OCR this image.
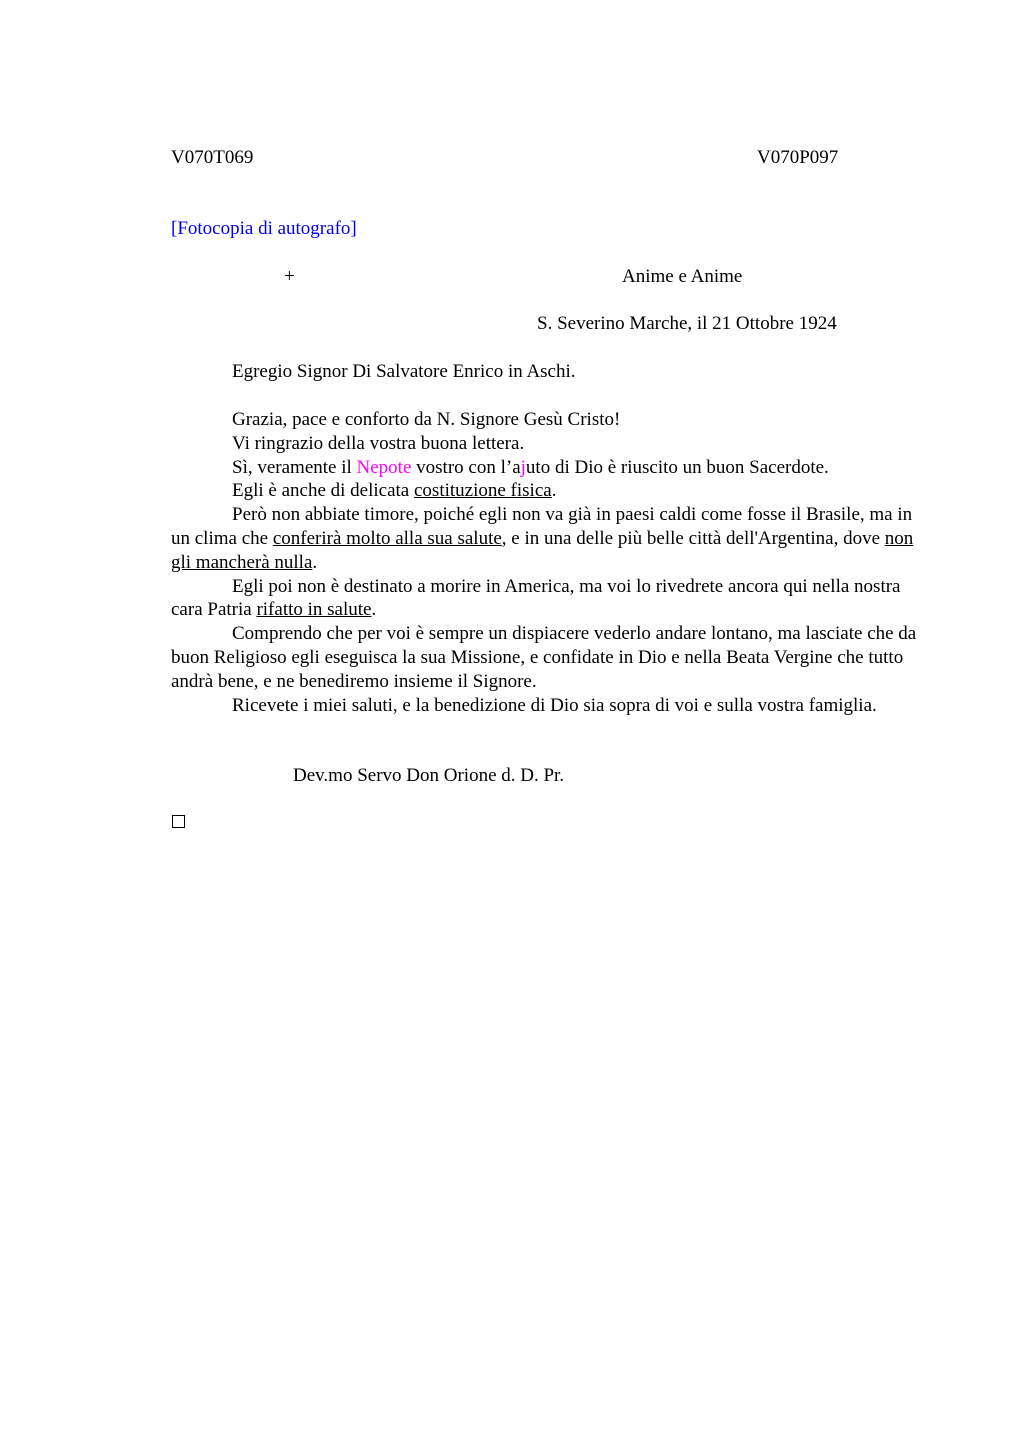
V070T069	V070P097
[Fotocopia di autografo]
+	Anime e Anime
S. Severino Marche, il 21 Ottobre 1924
Egregio Signor Di Salvatore Enrico in Aschi.

Grazia, pace e conforto da N. Signore Gesù Cristo!

Vi ringrazio della vostra buona lettera.

Sì, veramente il Nepote vostro con l’ajuto di Dio è riuscito un buon Sacerdote.

Egli è anche di delicata costituzione fisica.

Però non abbiate timore, poiché egli non va già in paesi caldi come fosse il Brasile, ma in un clima che conferirà molto alla sua salute, e in una delle più belle città dell'Argentina, dove non gli mancherà nulla.

Egli poi non è destinato a morire in America, ma voi lo rivedrete ancora qui nella nostra cara Patria rifatto in salute.

Comprendo che per voi è sempre un dispiacere vederlo andare lontano, ma lasciate che da buon Religioso egli eseguisca la sua Missione, e confidate in Dio e nella Beata Vergine che tutto andrà bene, e ne benediremo insieme il Signore.

Ricevete i miei saluti, e la benedizione di Dio sia sopra di voi e sulla vostra famiglia.

Dev.mo Servo Don Orione d. D. Pr.
